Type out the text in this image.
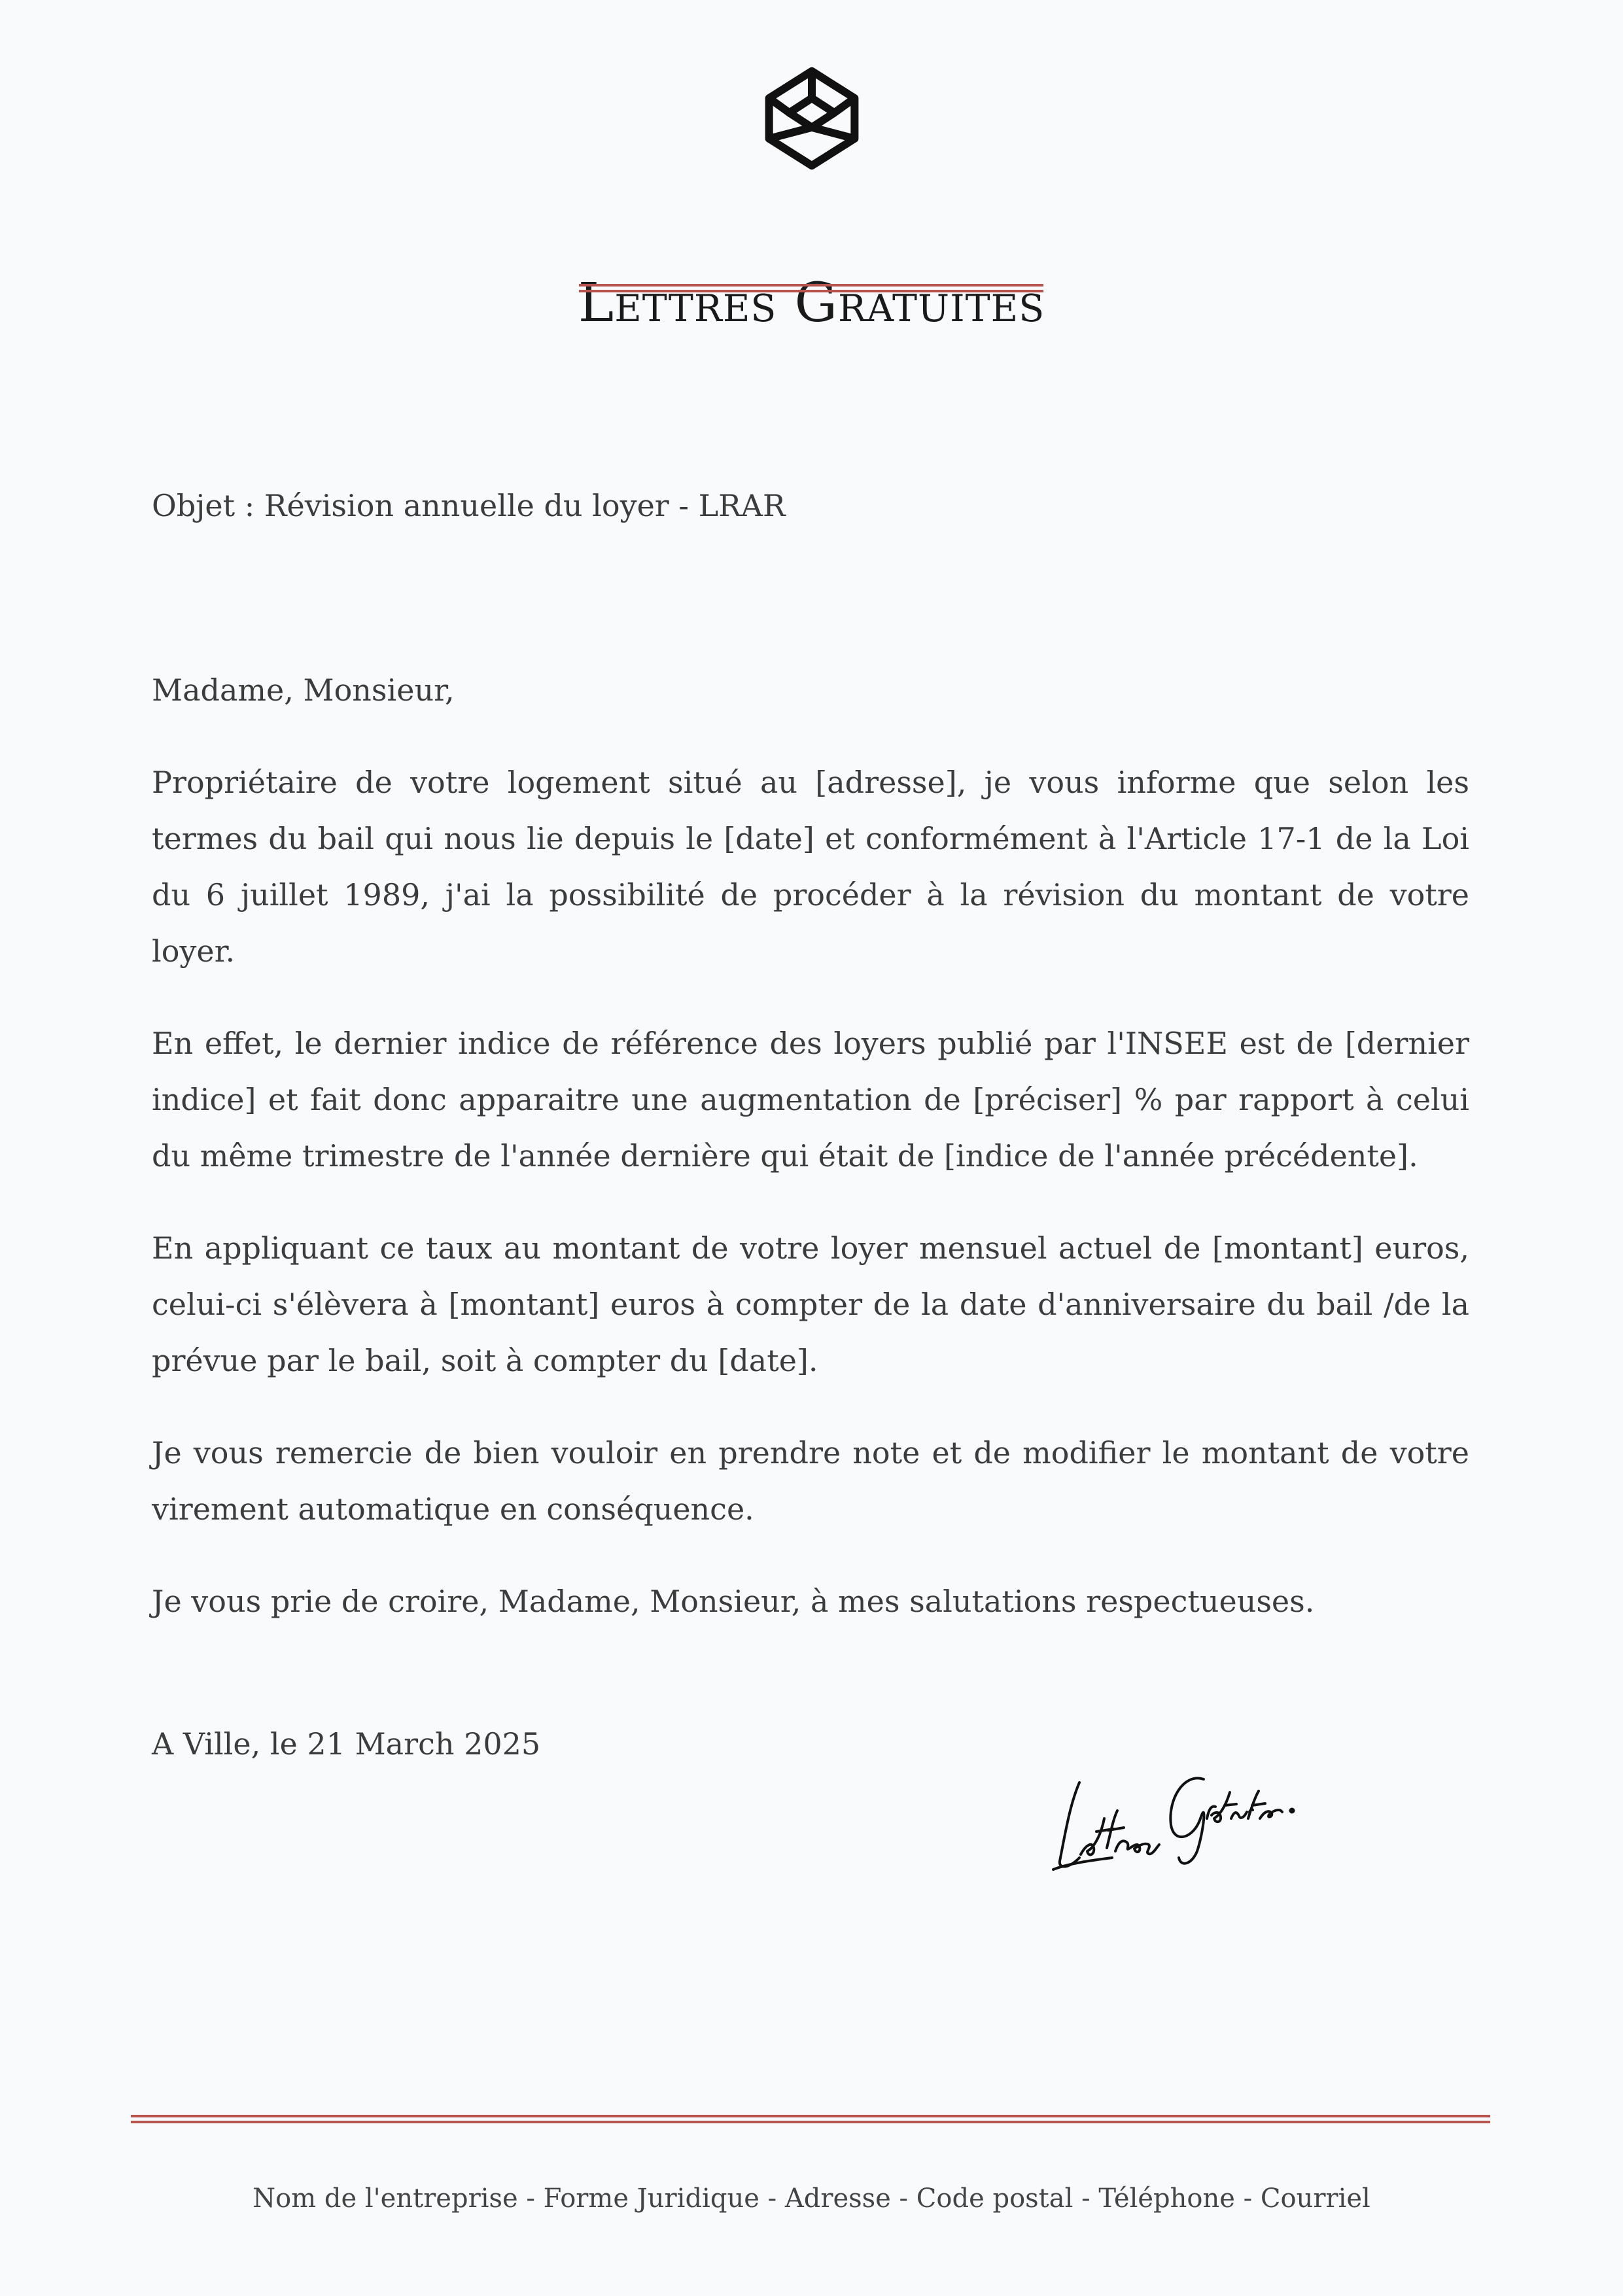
Lettres Gratuites

Objet : Révision annuelle du loyer - LRAR

Madame, Monsieur,

Propriétaire de votre logement situé au [adresse], je vous informe que selon les termes du bail qui nous lie depuis le [date] et conformément à l'Article 17-1 de la Loi du 6 juillet 1989, j'ai la possibilité de procéder à la révision du montant de votre loyer.

En effet, le dernier indice de référence des loyers publié par l'INSEE est de [dernier indice] et fait donc apparaitre une augmentation de [préciser] % par rapport à celui du même trimestre de l'année dernière qui était de [indice de l'année précédente].

En appliquant ce taux au montant de votre loyer mensuel actuel de [montant] euros, celui-ci s'élèvera à [montant] euros à compter de la date d'anniversaire du bail /de la prévue par le bail, soit à compter du [date].

Je vous remercie de bien vouloir en prendre note et de modifier le montant de votre virement automatique en conséquence.

Je vous prie de croire, Madame, Monsieur, à mes salutations respectueuses.

A Ville, le 21 March 2025

Nom de l'entreprise - Forme Juridique - Adresse - Code postal - Téléphone - Courriel
